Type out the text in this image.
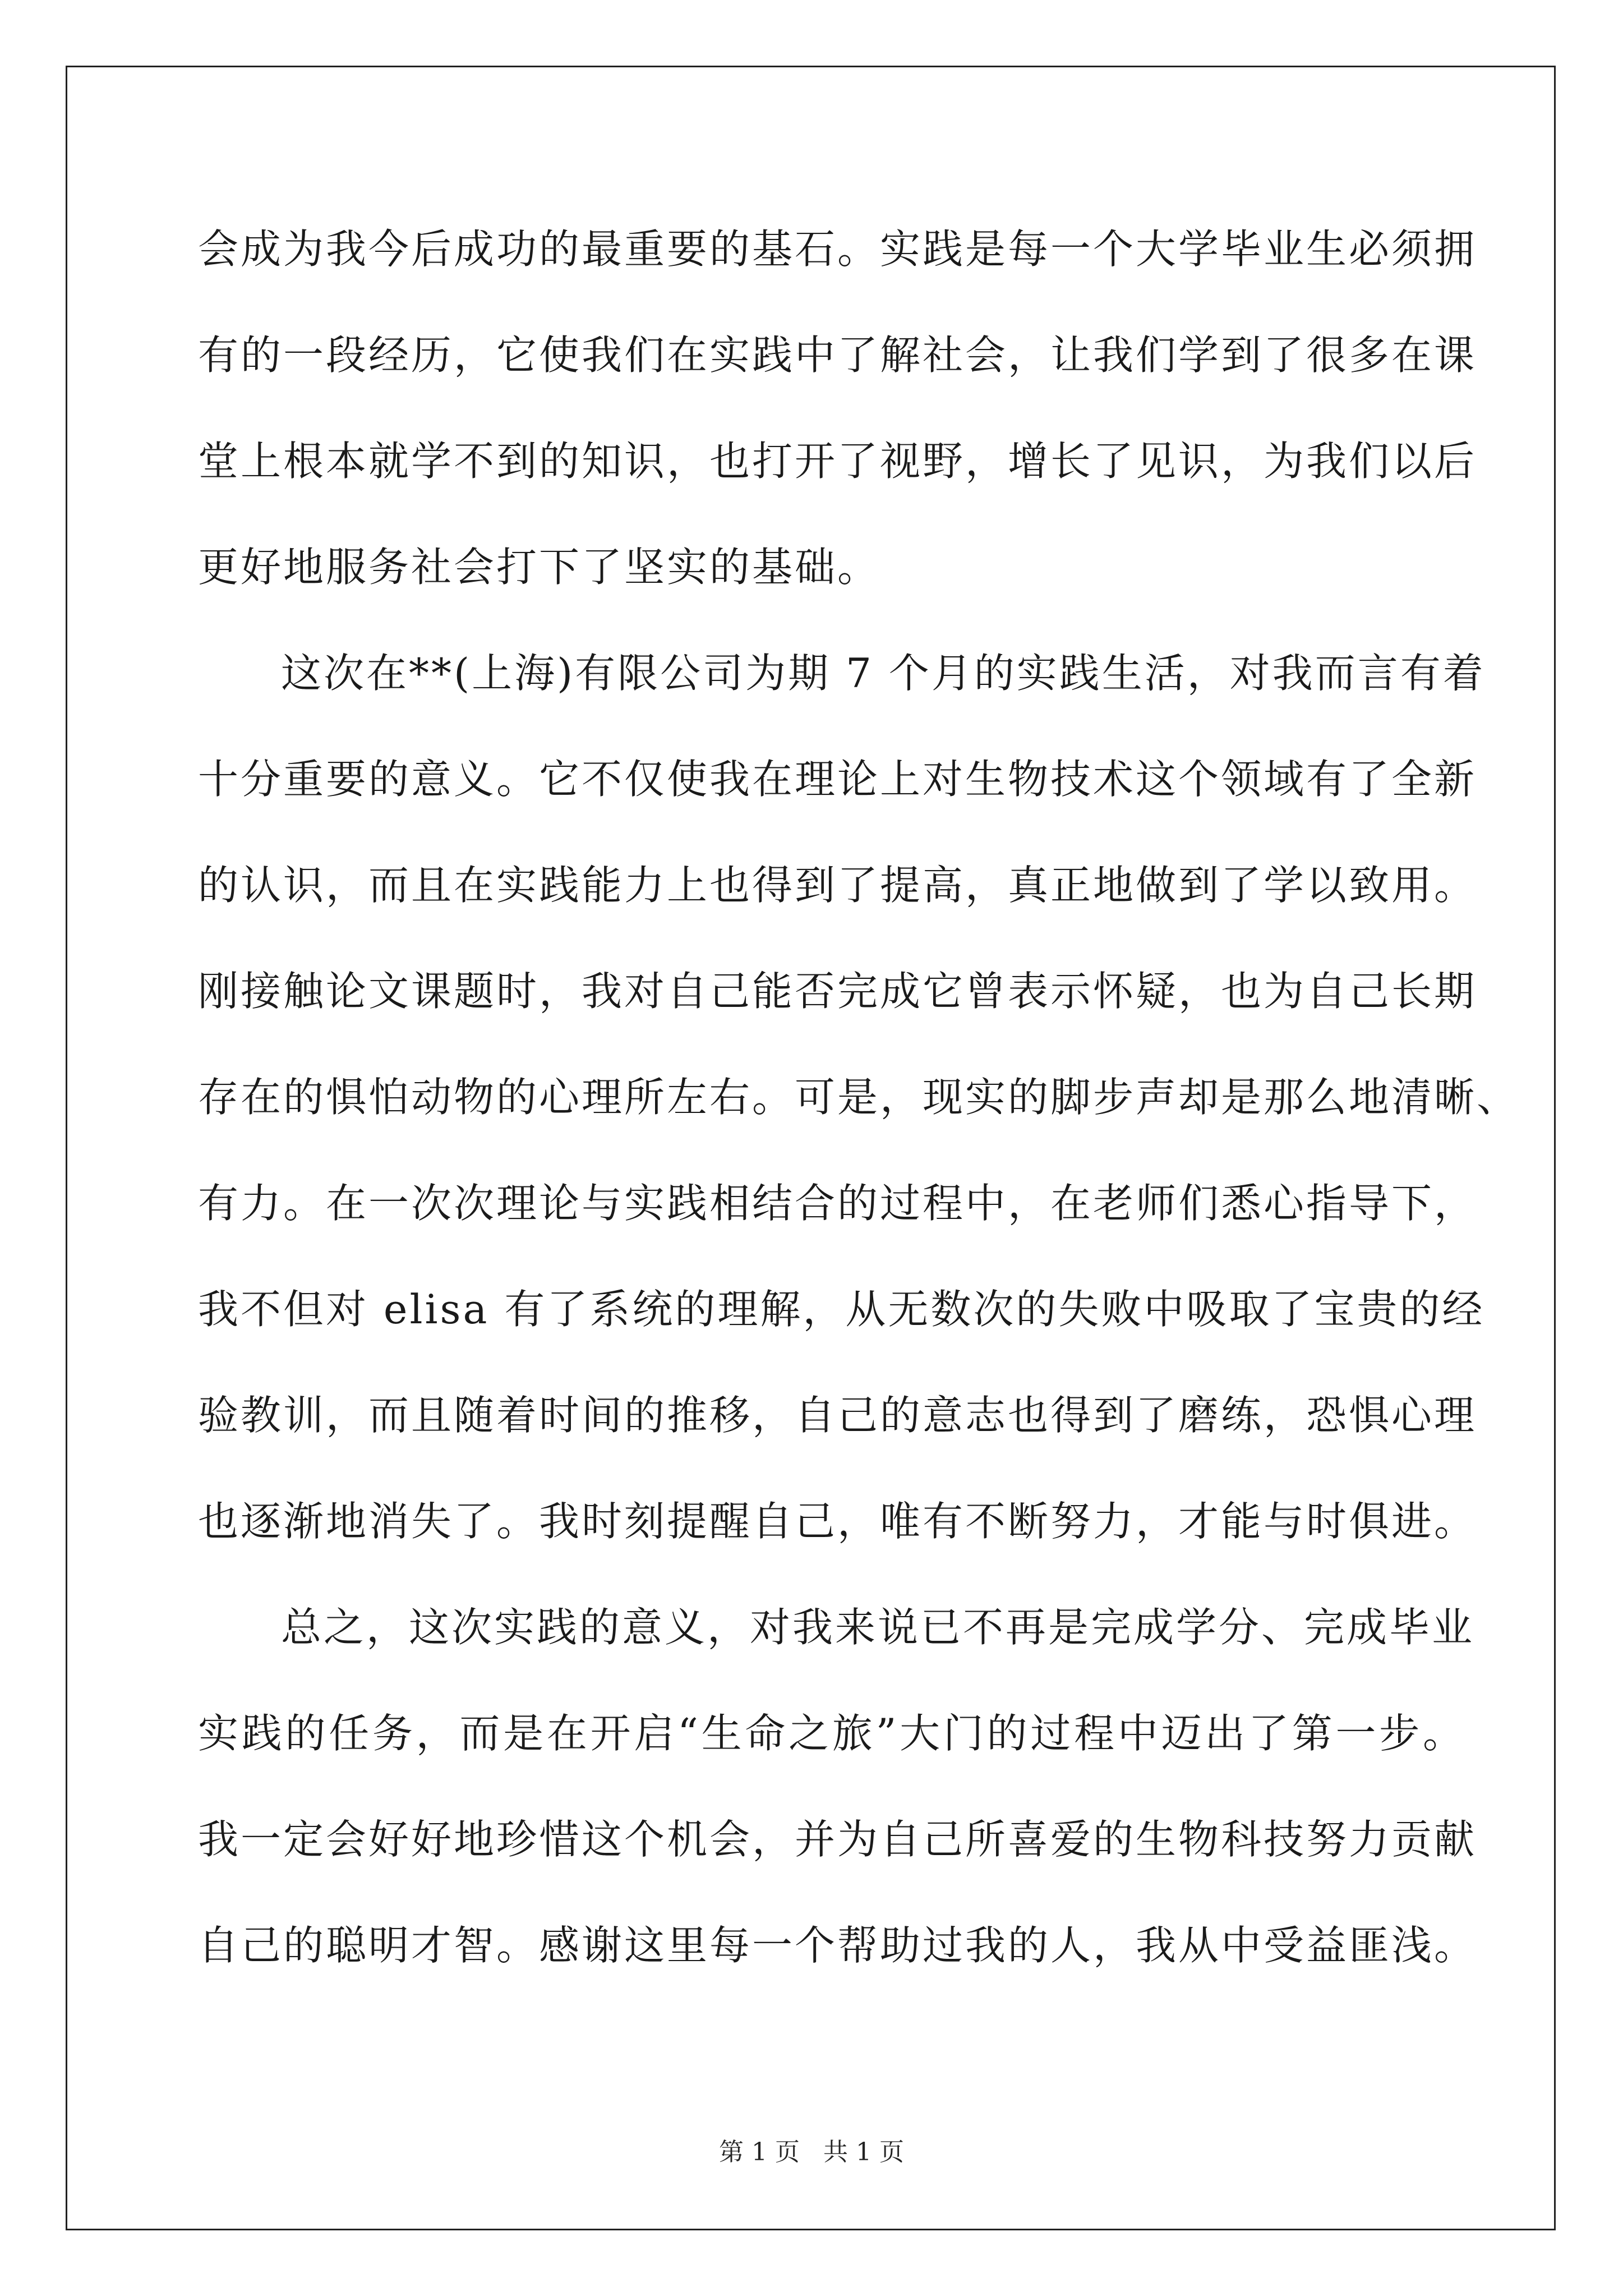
会成为我今后成功的最重要的基石。实践是每一个大学毕业生必须拥
有的一段经历，它使我们在实践中了解社会，让我们学到了很多在课
堂上根本就学不到的知识，也打开了视野，增长了见识，为我们以后
更好地服务社会打下了坚实的基础。
这次在**(上海)有限公司为期 7 个月的实践生活，对我而言有着
十分重要的意义。它不仅使我在理论上对生物技术这个领域有了全新
的认识，而且在实践能力上也得到了提高，真正地做到了学以致用。
刚接触论文课题时，我对自己能否完成它曾表示怀疑，也为自己长期
存在的惧怕动物的心理所左右。可是，现实的脚步声却是那么地清晰、
有力。在一次次理论与实践相结合的过程中，在老师们悉心指导下，
我不但对 elisa 有了系统的理解，从无数次的失败中吸取了宝贵的经
验教训，而且随着时间的推移，自己的意志也得到了磨练，恐惧心理
也逐渐地消失了。我时刻提醒自己，唯有不断努力，才能与时俱进。
总之，这次实践的意义，对我来说已不再是完成学分、完成毕业
实践的任务，而是在开启“生命之旅”大门的过程中迈出了第一步。
我一定会好好地珍惜这个机会，并为自己所喜爱的生物科技努力贡献
自己的聪明才智。感谢这里每一个帮助过我的人，我从中受益匪浅。
第 1 页   共 1 页
